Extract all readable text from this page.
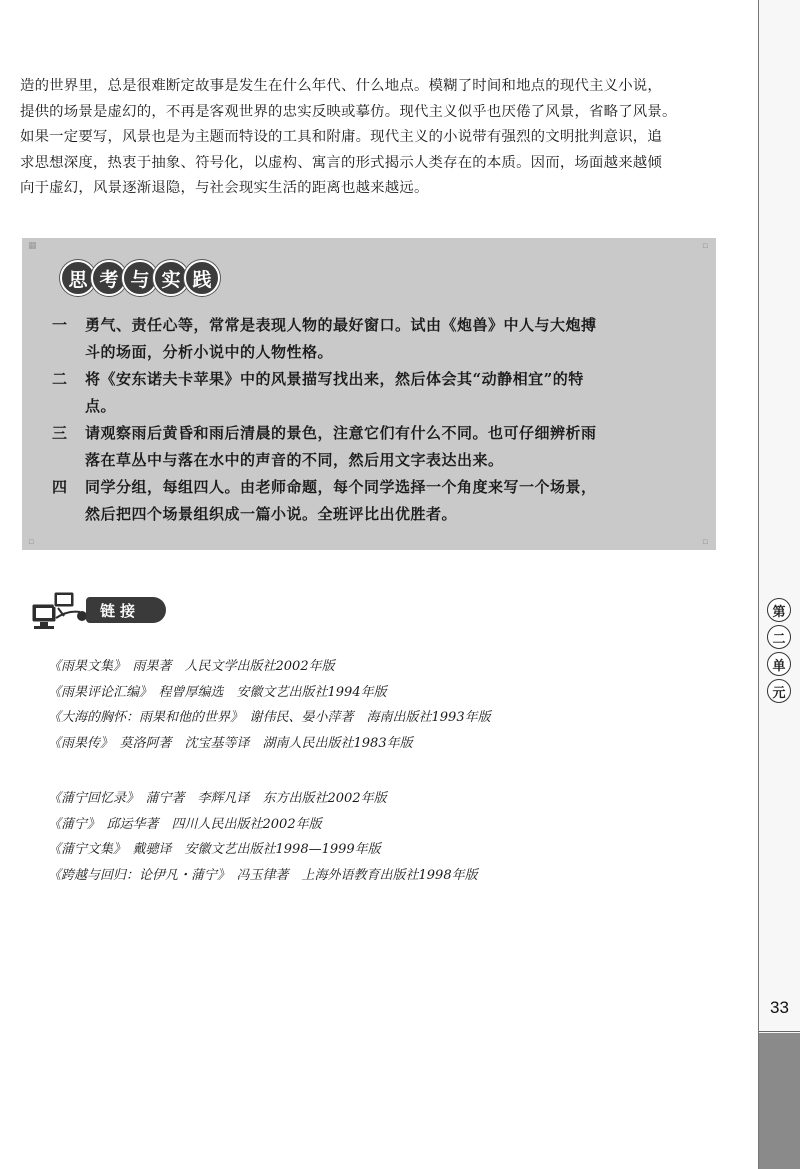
第
二
单
元
33
造的世界里，总是很难断定故事是发生在什么年代、什么地点。模糊了时间和地点的现代主义小说，
提供的场景是虚幻的，不再是客观世界的忠实反映或摹仿。现代主义似乎也厌倦了风景，省略了风景。
如果一定要写，风景也是为主题而特设的工具和附庸。现代主义的小说带有强烈的文明批判意识，追
求思想深度，热衷于抽象、符号化，以虚构、寓言的形式揭示人类存在的本质。因而，场面越来越倾
向于虚幻，风景逐渐退隐，与社会现实生活的距离也越来越远。
▦	▫
▫	▫
思 考 与 实 践
一	勇气、责任心等，常常是表现人物的最好窗口。试由《炮兽》中人与大炮搏
斗的场面，分析小说中的人物性格。
二	将《安东诺夫卡苹果》中的风景描写找出来，然后体会其“动静相宜”的特
点。
三	请观察雨后黄昏和雨后清晨的景色，注意它们有什么不同。也可仔细辨析雨
落在草丛中与落在水中的声音的不同，然后用文字表达出来。
四	同学分组，每组四人。由老师命题，每个同学选择一个角度来写一个场景，
然后把四个场景组织成一篇小说。全班评比出优胜者。
链接
《雨果文集》　雨果著　人民文学出版社2002年版
《雨果评论汇编》　程曾厚编选　安徽文艺出版社1994年版
《大海的胸怀：雨果和他的世界》　谢伟民、晏小萍著　海南出版社1993年版
《雨果传》　莫洛阿著　沈宝基等译　湖南人民出版社1983年版
《蒲宁回忆录》　蒲宁著　李辉凡译　东方出版社2002年版
《蒲宁》　邱运华著　四川人民出版社2002年版
《蒲宁文集》　戴骢译　安徽文艺出版社1998—1999年版
《跨越与回归：论伊凡・蒲宁》　冯玉律著　上海外语教育出版社1998年版
